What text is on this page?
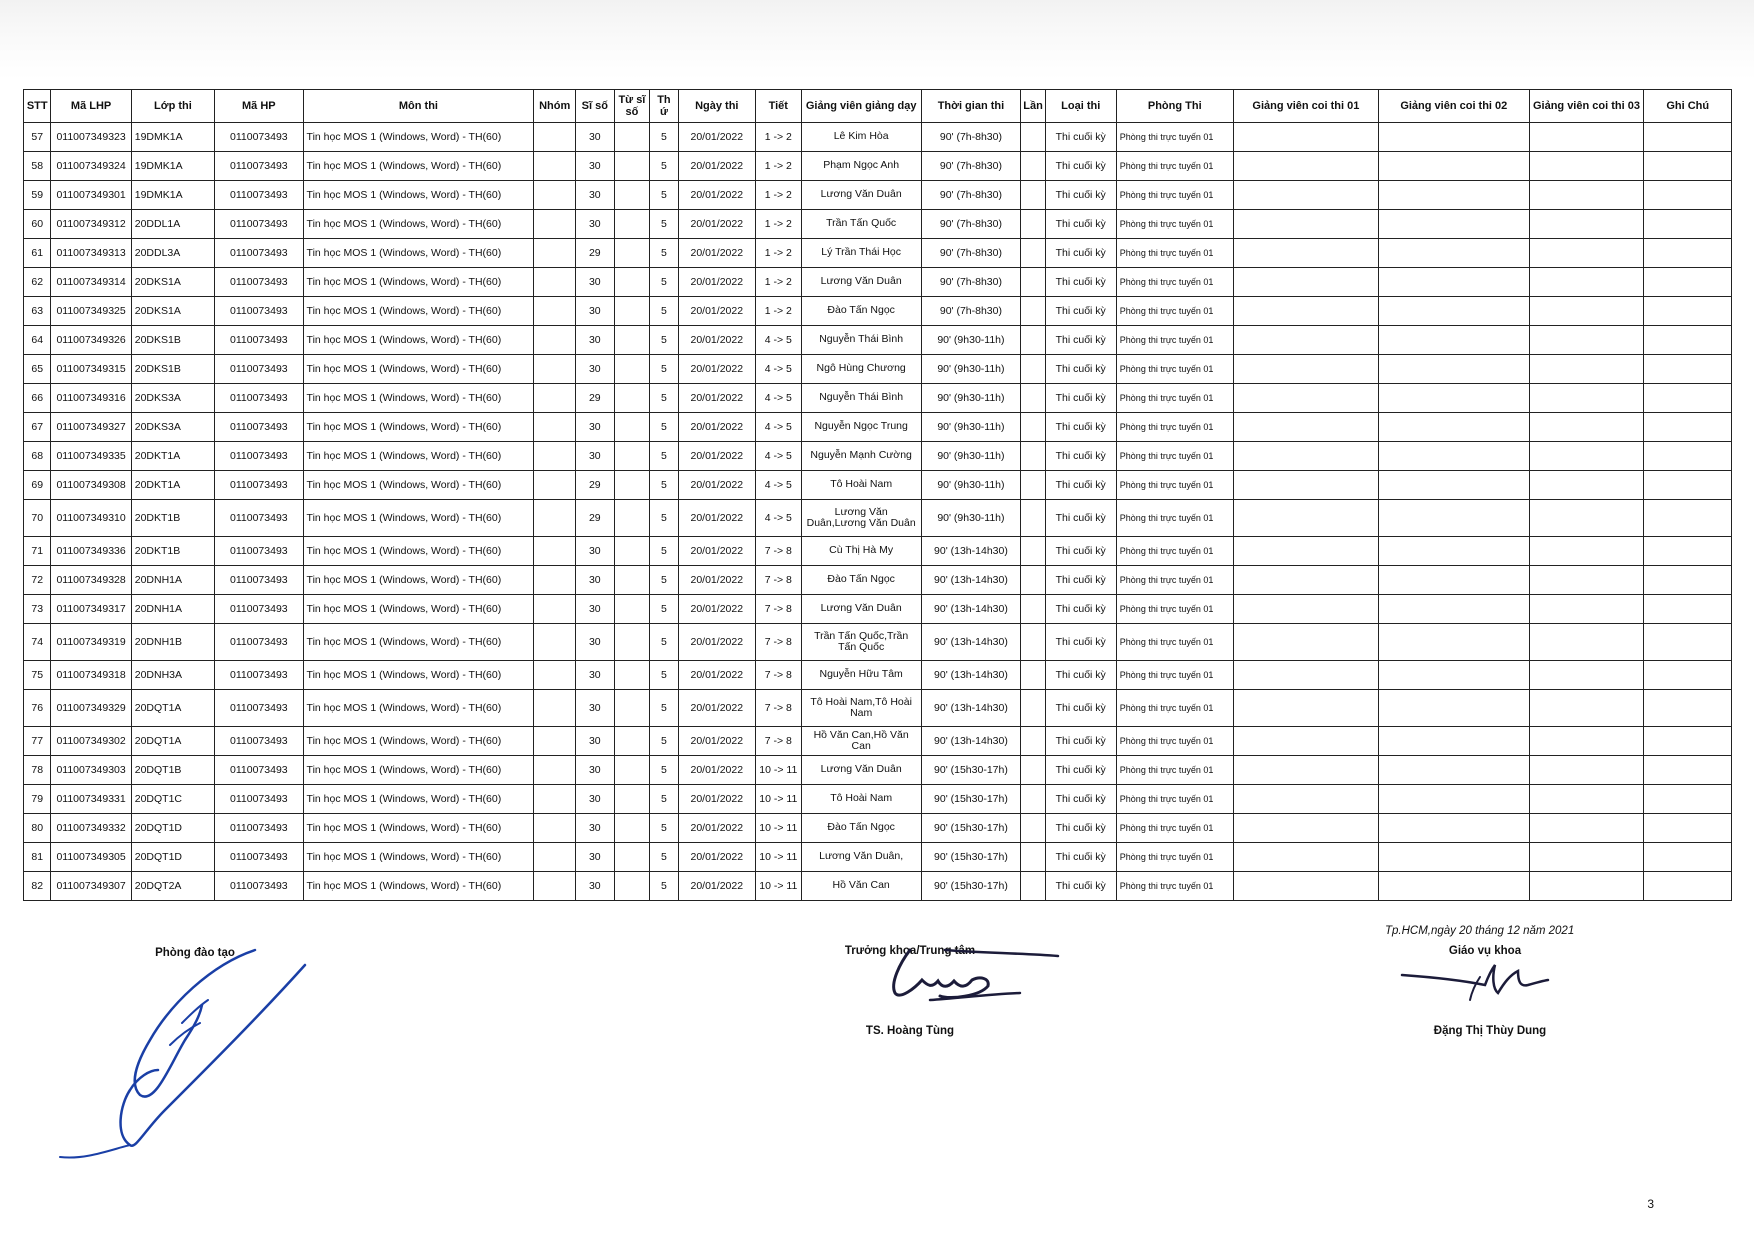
STT	Mã LHP	Lớp thi	Mã HP	Môn thi	Nhóm	Sĩ số	Từ sĩ số	Th ứ	Ngày thi	Tiết	Giảng viên giảng dạy	Thời gian thi	Lần	Loại thi	Phòng Thi	Giảng viên coi thi 01	Giảng viên coi thi 02	Giảng viên coi thi 03	Ghi Chú
57	011007349323	19DMK1A	0110073493	Tin học MOS 1 (Windows, Word) - TH(60)		30		5	20/01/2022	1 -> 2	Lê Kim Hòa	90' (7h-8h30)		Thi cuối kỳ	Phòng thi trực tuyến 01				
58	011007349324	19DMK1A	0110073493	Tin học MOS 1 (Windows, Word) - TH(60)		30		5	20/01/2022	1 -> 2	Phạm Ngọc Anh	90' (7h-8h30)		Thi cuối kỳ	Phòng thi trực tuyến 01				
59	011007349301	19DMK1A	0110073493	Tin học MOS 1 (Windows, Word) - TH(60)		30		5	20/01/2022	1 -> 2	Lương Văn Duân	90' (7h-8h30)		Thi cuối kỳ	Phòng thi trực tuyến 01				
60	011007349312	20DDL1A	0110073493	Tin học MOS 1 (Windows, Word) - TH(60)		30		5	20/01/2022	1 -> 2	Trần Tấn Quốc	90' (7h-8h30)		Thi cuối kỳ	Phòng thi trực tuyến 01				
61	011007349313	20DDL3A	0110073493	Tin học MOS 1 (Windows, Word) - TH(60)		29		5	20/01/2022	1 -> 2	Lý Trần Thái Học	90' (7h-8h30)		Thi cuối kỳ	Phòng thi trực tuyến 01				
62	011007349314	20DKS1A	0110073493	Tin học MOS 1 (Windows, Word) - TH(60)		30		5	20/01/2022	1 -> 2	Lương Văn Duân	90' (7h-8h30)		Thi cuối kỳ	Phòng thi trực tuyến 01				
63	011007349325	20DKS1A	0110073493	Tin học MOS 1 (Windows, Word) - TH(60)		30		5	20/01/2022	1 -> 2	Đào Tấn Ngọc	90' (7h-8h30)		Thi cuối kỳ	Phòng thi trực tuyến 01				
64	011007349326	20DKS1B	0110073493	Tin học MOS 1 (Windows, Word) - TH(60)		30		5	20/01/2022	4 -> 5	Nguyễn Thái Bình	90' (9h30-11h)		Thi cuối kỳ	Phòng thi trực tuyến 01				
65	011007349315	20DKS1B	0110073493	Tin học MOS 1 (Windows, Word) - TH(60)		30		5	20/01/2022	4 -> 5	Ngô Hùng Chương	90' (9h30-11h)		Thi cuối kỳ	Phòng thi trực tuyến 01				
66	011007349316	20DKS3A	0110073493	Tin học MOS 1 (Windows, Word) - TH(60)		29		5	20/01/2022	4 -> 5	Nguyễn Thái Bình	90' (9h30-11h)		Thi cuối kỳ	Phòng thi trực tuyến 01				
67	011007349327	20DKS3A	0110073493	Tin học MOS 1 (Windows, Word) - TH(60)		30		5	20/01/2022	4 -> 5	Nguyễn Ngọc Trung	90' (9h30-11h)		Thi cuối kỳ	Phòng thi trực tuyến 01				
68	011007349335	20DKT1A	0110073493	Tin học MOS 1 (Windows, Word) - TH(60)		30		5	20/01/2022	4 -> 5	Nguyễn Mạnh Cường	90' (9h30-11h)		Thi cuối kỳ	Phòng thi trực tuyến 01				
69	011007349308	20DKT1A	0110073493	Tin học MOS 1 (Windows, Word) - TH(60)		29		5	20/01/2022	4 -> 5	Tô Hoài Nam	90' (9h30-11h)		Thi cuối kỳ	Phòng thi trực tuyến 01				
70	011007349310	20DKT1B	0110073493	Tin học MOS 1 (Windows, Word) - TH(60)		29		5	20/01/2022	4 -> 5	Lương Văn Duân,Lương Văn Duân	90' (9h30-11h)		Thi cuối kỳ	Phòng thi trực tuyến 01				
71	011007349336	20DKT1B	0110073493	Tin học MOS 1 (Windows, Word) - TH(60)		30		5	20/01/2022	7 -> 8	Cù Thị Hà My	90' (13h-14h30)		Thi cuối kỳ	Phòng thi trực tuyến 01				
72	011007349328	20DNH1A	0110073493	Tin học MOS 1 (Windows, Word) - TH(60)		30		5	20/01/2022	7 -> 8	Đào Tấn Ngọc	90' (13h-14h30)		Thi cuối kỳ	Phòng thi trực tuyến 01				
73	011007349317	20DNH1A	0110073493	Tin học MOS 1 (Windows, Word) - TH(60)		30		5	20/01/2022	7 -> 8	Lương Văn Duân	90' (13h-14h30)		Thi cuối kỳ	Phòng thi trực tuyến 01				
74	011007349319	20DNH1B	0110073493	Tin học MOS 1 (Windows, Word) - TH(60)		30		5	20/01/2022	7 -> 8	Trần Tấn Quốc,Trần Tấn Quốc	90' (13h-14h30)		Thi cuối kỳ	Phòng thi trực tuyến 01				
75	011007349318	20DNH3A	0110073493	Tin học MOS 1 (Windows, Word) - TH(60)		30		5	20/01/2022	7 -> 8	Nguyễn Hữu Tâm	90' (13h-14h30)		Thi cuối kỳ	Phòng thi trực tuyến 01				
76	011007349329	20DQT1A	0110073493	Tin học MOS 1 (Windows, Word) - TH(60)		30		5	20/01/2022	7 -> 8	Tô Hoài Nam,Tô Hoài Nam	90' (13h-14h30)		Thi cuối kỳ	Phòng thi trực tuyến 01				
77	011007349302	20DQT1A	0110073493	Tin học MOS 1 (Windows, Word) - TH(60)		30		5	20/01/2022	7 -> 8	Hồ Văn Can,Hồ Văn Can	90' (13h-14h30)		Thi cuối kỳ	Phòng thi trực tuyến 01				
78	011007349303	20DQT1B	0110073493	Tin học MOS 1 (Windows, Word) - TH(60)		30		5	20/01/2022	10 -> 11	Lương Văn Duân	90' (15h30-17h)		Thi cuối kỳ	Phòng thi trực tuyến 01				
79	011007349331	20DQT1C	0110073493	Tin học MOS 1 (Windows, Word) - TH(60)		30		5	20/01/2022	10 -> 11	Tô Hoài Nam	90' (15h30-17h)		Thi cuối kỳ	Phòng thi trực tuyến 01				
80	011007349332	20DQT1D	0110073493	Tin học MOS 1 (Windows, Word) - TH(60)		30		5	20/01/2022	10 -> 11	Đào Tấn Ngọc	90' (15h30-17h)		Thi cuối kỳ	Phòng thi trực tuyến 01				
81	011007349305	20DQT1D	0110073493	Tin học MOS 1 (Windows, Word) - TH(60)		30		5	20/01/2022	10 -> 11	Lương Văn Duân,	90' (15h30-17h)		Thi cuối kỳ	Phòng thi trực tuyến 01				
82	011007349307	20DQT2A	0110073493	Tin học MOS 1 (Windows, Word) - TH(60)		30		5	20/01/2022	10 -> 11	Hồ Văn Can	90' (15h30-17h)		Thi cuối kỳ	Phòng thi trực tuyến 01				
Phòng đào tạo	Trưởng khoa/Trung tâm
TS. Hoàng Tùng
Tp.HCM,ngày 20 tháng 12 năm 2021
Giáo vụ khoa
Đặng Thị Thùy Dung
3
